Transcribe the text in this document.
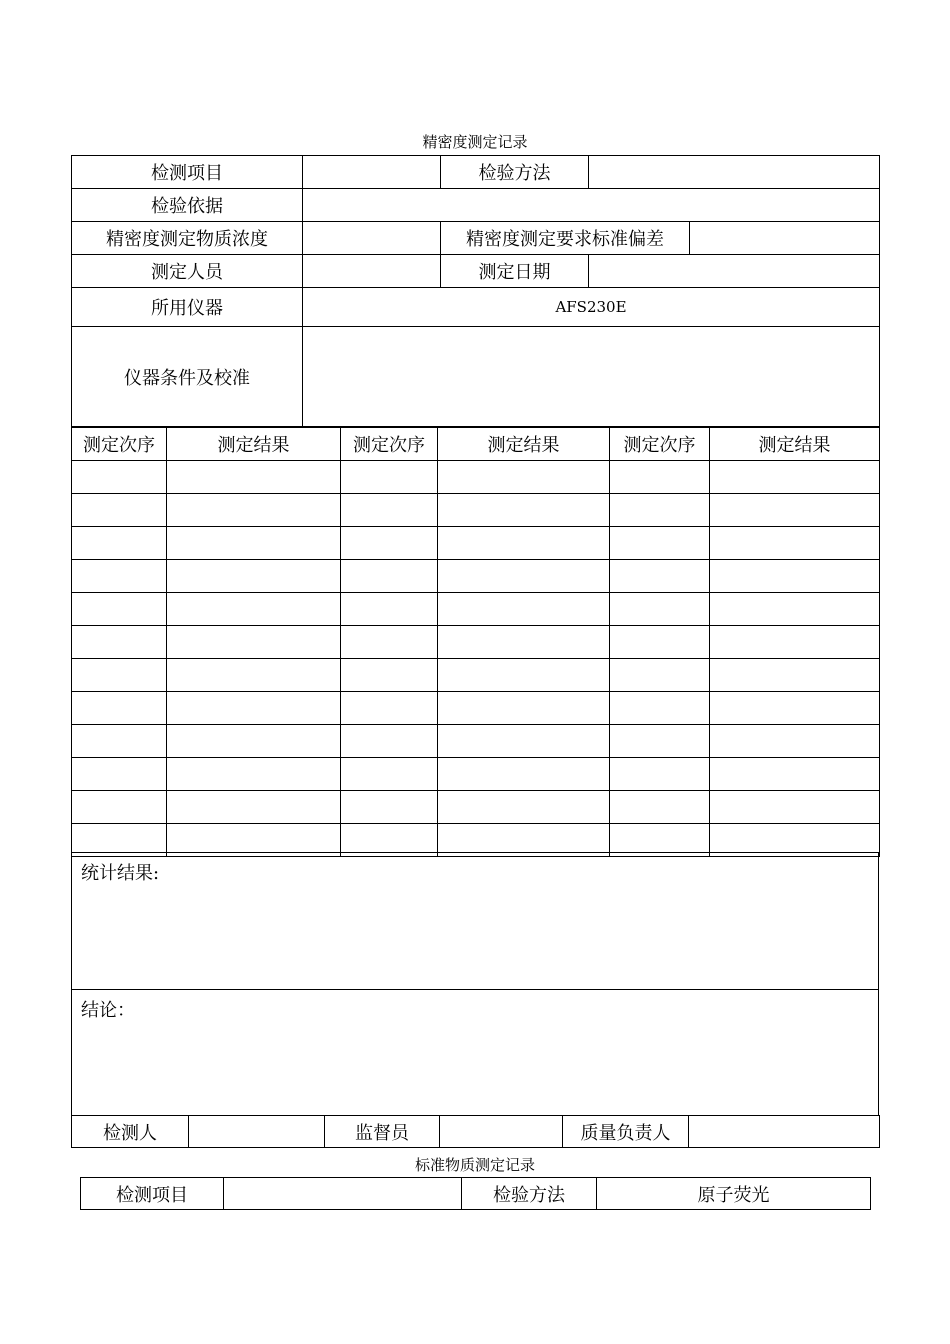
精密度测定记录
检测项目		检验方法		
检验依据				
精密度测定物质浓度		精密度测定要求标准偏差		
测定人员		测定日期		
所用仪器	AFS230E			
仪器条件及校准				
测定次序	测定结果	测定次序	测定结果	测定次序	测定结果

统计结果:
结论：
检测人		监督员		质量负责人	
标准物质测定记录
检测项目		检验方法	原子荧光
